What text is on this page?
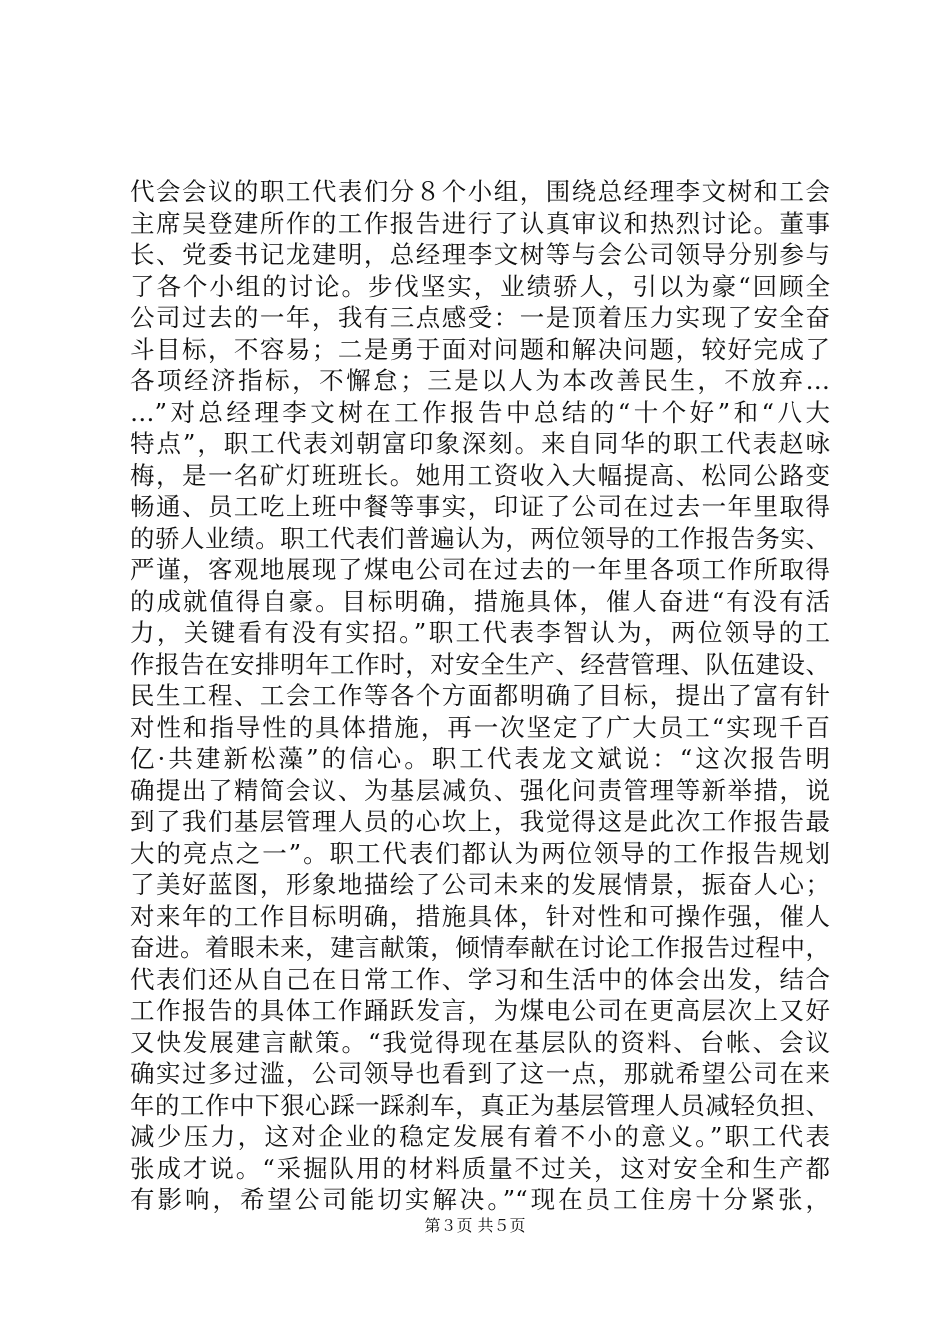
代会会议的职工代表们分８个小组，围绕总经理李文树和工会
主席吴登建所作的工作报告进行了认真审议和热烈讨论。董事
长、党委书记龙建明，总经理李文树等与会公司领导分别参与
了各个小组的讨论。步伐坚实，业绩骄人，引以为豪“回顾全
公司过去的一年，我有三点感受：一是顶着压力实现了安全奋
斗目标，不容易；二是勇于面对问题和解决问题，较好完成了
各项经济指标，不懈怠；三是以人为本改善民生，不放弃…
…”对总经理李文树在工作报告中总结的“十个好”和“八大
特点”，职工代表刘朝富印象深刻。来自同华的职工代表赵咏
梅，是一名矿灯班班长。她用工资收入大幅提高、松同公路变
畅通、员工吃上班中餐等事实，印证了公司在过去一年里取得
的骄人业绩。职工代表们普遍认为，两位领导的工作报告务实、
严谨，客观地展现了煤电公司在过去的一年里各项工作所取得
的成就值得自豪。目标明确，措施具体，催人奋进“有没有活
力，关键看有没有实招。”职工代表李智认为，两位领导的工
作报告在安排明年工作时，对安全生产、经营管理、队伍建设、
民生工程、工会工作等各个方面都明确了目标，提出了富有针
对性和指导性的具体措施，再一次坚定了广大员工“实现千百
亿·共建新松藻”的信心。职工代表龙文斌说：“这次报告明
确提出了精简会议、为基层减负、强化问责管理等新举措，说
到了我们基层管理人员的心坎上，我觉得这是此次工作报告最
大的亮点之一”。职工代表们都认为两位领导的工作报告规划
了美好蓝图，形象地描绘了公司未来的发展情景，振奋人心；
对来年的工作目标明确，措施具体，针对性和可操作强，催人
奋进。着眼未来，建言献策，倾情奉献在讨论工作报告过程中，
代表们还从自己在日常工作、学习和生活中的体会出发，结合
工作报告的具体工作踊跃发言，为煤电公司在更高层次上又好
又快发展建言献策。“我觉得现在基层队的资料、台帐、会议
确实过多过滥，公司领导也看到了这一点，那就希望公司在来
年的工作中下狠心踩一踩刹车，真正为基层管理人员减轻负担、
减少压力，这对企业的稳定发展有着不小的意义。”职工代表
张成才说。“采掘队用的材料质量不过关，这对安全和生产都
有影响，希望公司能切实解决。”“现在员工住房十分紧张，
第３页 共５页
